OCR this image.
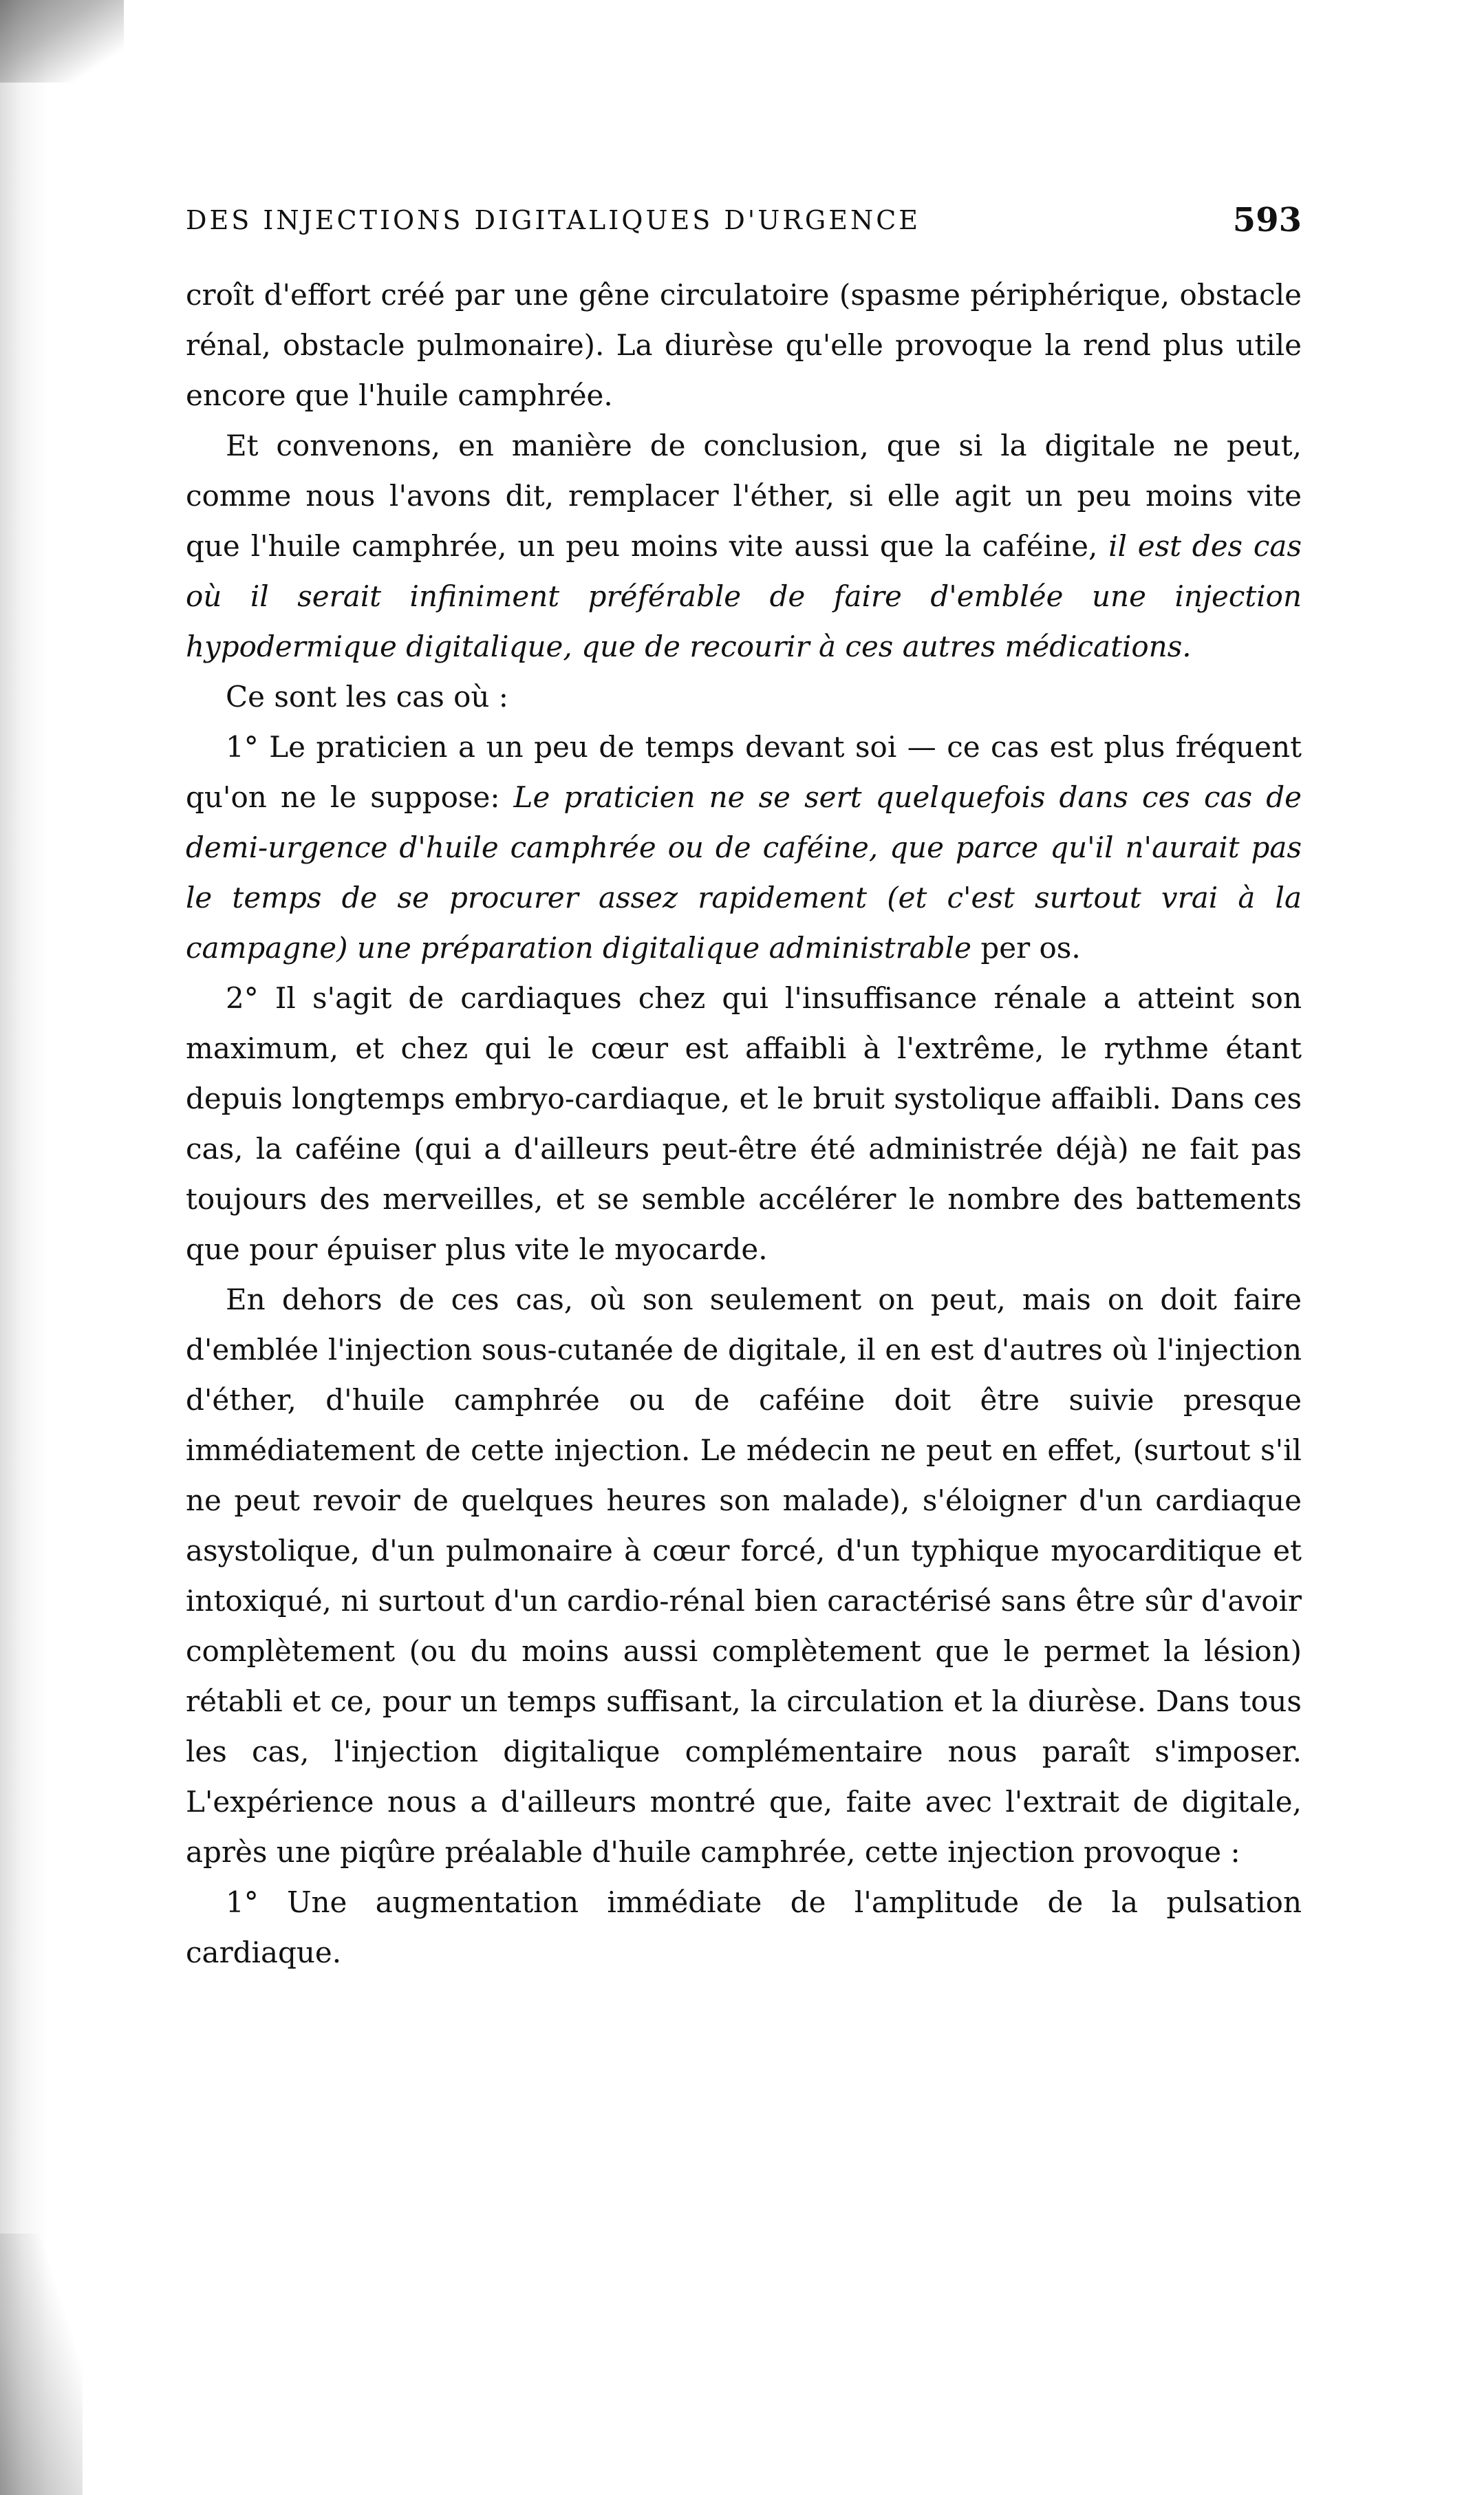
DES INJECTIONS DIGITALIQUES D'URGENCE	593

croît d'effort créé par une gêne circulatoire (spasme périphérique, obstacle rénal, obstacle pulmonaire). La diurèse qu'elle provoque la rend plus utile encore que l'huile camphrée.

Et convenons, en manière de conclusion, que si la digitale ne peut, comme nous l'avons dit, remplacer l'éther, si elle agit un peu moins vite que l'huile camphrée, un peu moins vite aussi que la caféine, il est des cas où il serait infiniment préférable de faire d'emblée une injection hypodermique digitalique, que de recourir à ces autres médications.

Ce sont les cas où :

1° Le praticien a un peu de temps devant soi — ce cas est plus fréquent qu'on ne le suppose: Le praticien ne se sert quelquefois dans ces cas de demi-urgence d'huile camphrée ou de caféine, que parce qu'il n'aurait pas le temps de se procurer assez rapidement (et c'est surtout vrai à la campagne) une préparation digitalique administrable per os.

2° Il s'agit de cardiaques chez qui l'insuffisance rénale a atteint son maximum, et chez qui le cœur est affaibli à l'extrême, le rythme étant depuis longtemps embryo-cardiaque, et le bruit systolique affaibli. Dans ces cas, la caféine (qui a d'ailleurs peut-être été administrée déjà) ne fait pas toujours des merveilles, et se semble accélérer le nombre des battements que pour épuiser plus vite le myocarde.

En dehors de ces cas, où son seulement on peut, mais on doit faire d'emblée l'injection sous-cutanée de digitale, il en est d'autres où l'injection d'éther, d'huile camphrée ou de caféine doit être suivie presque immédiatement de cette injection. Le médecin ne peut en effet, (surtout s'il ne peut revoir de quelques heures son malade), s'éloigner d'un cardiaque asystolique, d'un pulmonaire à cœur forcé, d'un typhique myocarditique et intoxiqué, ni surtout d'un cardio-rénal bien caractérisé sans être sûr d'avoir complètement (ou du moins aussi complètement que le permet la lésion) rétabli et ce, pour un temps suffisant, la circulation et la diurèse. Dans tous les cas, l'injection digitalique complémentaire nous paraît s'imposer. L'expérience nous a d'ailleurs montré que, faite avec l'extrait de digitale, après une piqûre préalable d'huile camphrée, cette injection provoque :

1° Une augmentation immédiate de l'amplitude de la pulsation cardiaque.
